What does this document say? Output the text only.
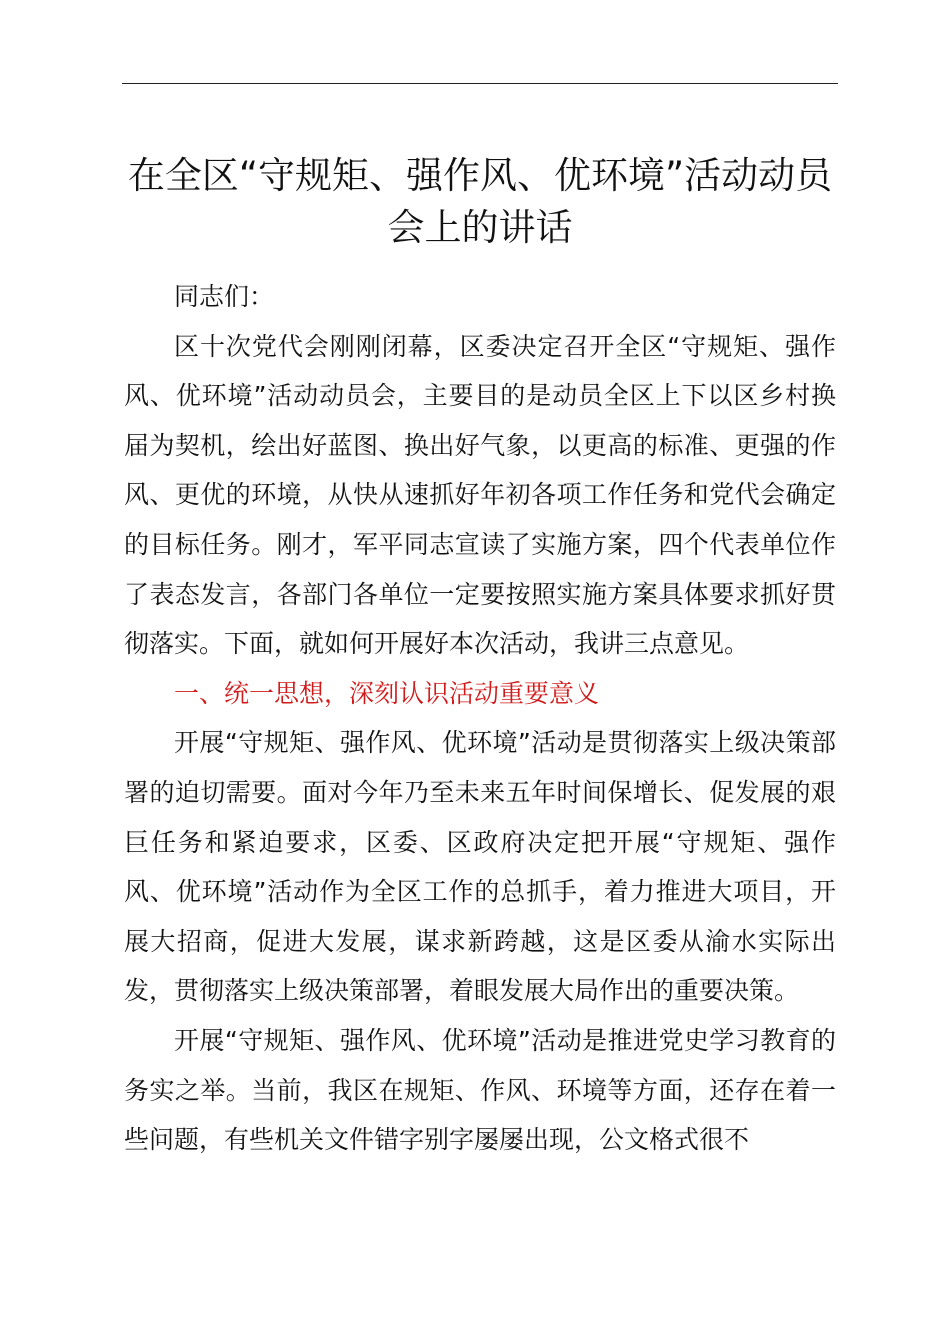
在全区“守规矩、强作风、优环境”活动动员会上的讲话

同志们：

区十次党代会刚刚闭幕，区委决定召开全区“守规矩、强作风、优环境”活动动员会，主要目的是动员全区上下以区乡村换届为契机，绘出好蓝图、换出好气象，以更高的标准、更强的作风、更优的环境，从快从速抓好年初各项工作任务和党代会确定的目标任务。刚才，军平同志宣读了实施方案，四个代表单位作了表态发言，各部门各单位一定要按照实施方案具体要求抓好贯彻落实。下面，就如何开展好本次活动，我讲三点意见。

一、统一思想，深刻认识活动重要意义

开展“守规矩、强作风、优环境”活动是贯彻落实上级决策部署的迫切需要。面对今年乃至未来五年时间保增长、促发展的艰巨任务和紧迫要求，区委、区政府决定把开展“守规矩、强作风、优环境”活动作为全区工作的总抓手，着力推进大项目，开展大招商，促进大发展，谋求新跨越，这是区委从渝水实际出发，贯彻落实上级决策部署，着眼发展大局作出的重要决策。

开展“守规矩、强作风、优环境”活动是推进党史学习教育的务实之举。当前，我区在规矩、作风、环境等方面，还存在着一些问题，有些机关文件错字别字屡屡出现，公文格式很不
